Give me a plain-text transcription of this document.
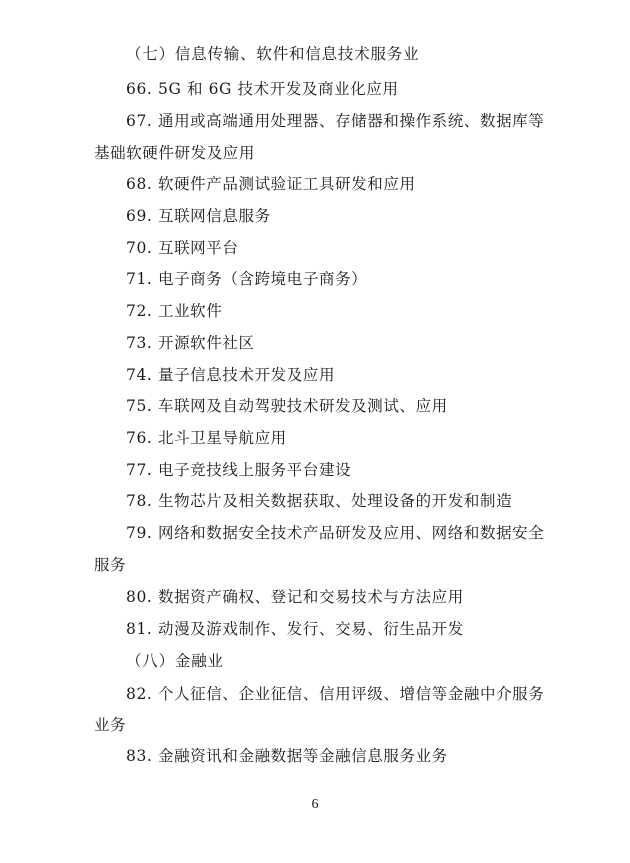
（七）信息传输、软件和信息技术服务业
66. 5G 和 6G 技术开发及商业化应用
67. 通用或高端通用处理器、存储器和操作系统、数据库等
基础软硬件研发及应用
68. 软硬件产品测试验证工具研发和应用
69. 互联网信息服务
70. 互联网平台
71. 电子商务（含跨境电子商务）
72. 工业软件
73. 开源软件社区
74. 量子信息技术开发及应用
75. 车联网及自动驾驶技术研发及测试、应用
76. 北斗卫星导航应用
77. 电子竞技线上服务平台建设
78. 生物芯片及相关数据获取、处理设备的开发和制造
79. 网络和数据安全技术产品研发及应用、网络和数据安全
服务
80. 数据资产确权、登记和交易技术与方法应用
81. 动漫及游戏制作、发行、交易、衍生品开发
（八）金融业
82. 个人征信、企业征信、信用评级、增信等金融中介服务
业务
83. 金融资讯和金融数据等金融信息服务业务
6
